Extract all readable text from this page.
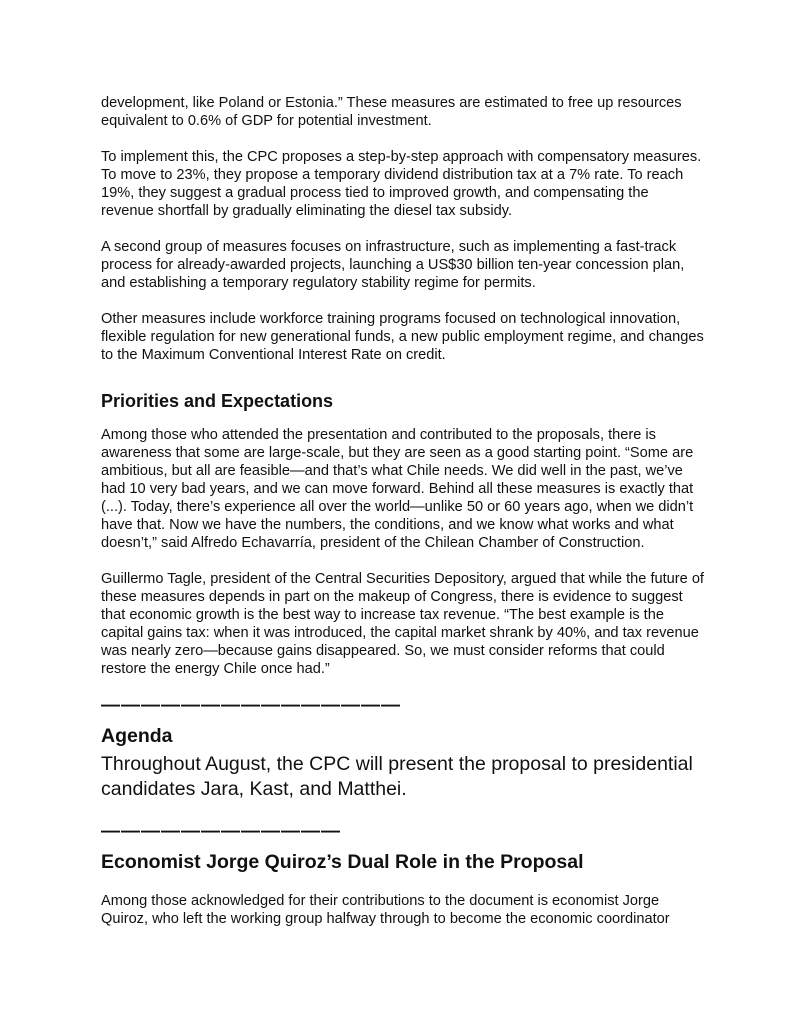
development, like Poland or Estonia.” These measures are estimated to free up resources equivalent to 0.6% of GDP for potential investment.

To implement this, the CPC proposes a step-by-step approach with compensatory measures. To move to 23%, they propose a temporary dividend distribution tax at a 7% rate. To reach 19%, they suggest a gradual process tied to improved growth, and compensating the revenue shortfall by gradually eliminating the diesel tax subsidy.

A second group of measures focuses on infrastructure, such as implementing a fast-track process for already-awarded projects, launching a US$30 billion ten-year concession plan, and establishing a temporary regulatory stability regime for permits.

Other measures include workforce training programs focused on technological innovation, flexible regulation for new generational funds, a new public employment regime, and changes to the Maximum Conventional Interest Rate on credit.

Priorities and Expectations

Among those who attended the presentation and contributed to the proposals, there is awareness that some are large-scale, but they are seen as a good starting point. “Some are ambitious, but all are feasible—and that’s what Chile needs. We did well in the past, we’ve had 10 very bad years, and we can move forward. Behind all these measures is exactly that (...). Today, there’s experience all over the world—unlike 50 or 60 years ago, when we didn’t have that. Now we have the numbers, the conditions, and we know what works and what doesn’t,” said Alfredo Echavarría, president of the Chilean Chamber of Construction.

Guillermo Tagle, president of the Central Securities Depository, argued that while the future of these measures depends in part on the makeup of Congress, there is evidence to suggest that economic growth is the best way to increase tax revenue. “The best example is the capital gains tax: when it was introduced, the capital market shrank by 40%, and tax revenue was nearly zero—because gains disappeared. So, we must consider reforms that could restore the energy Chile once had.”

———————————————
Agenda

Throughout August, the CPC will present the proposal to presidential candidates Jara, Kast, and Matthei.

————————————
Economist Jorge Quiroz’s Dual Role in the Proposal

Among those acknowledged for their contributions to the document is economist Jorge Quiroz, who left the working group halfway through to become the economic coordinator
